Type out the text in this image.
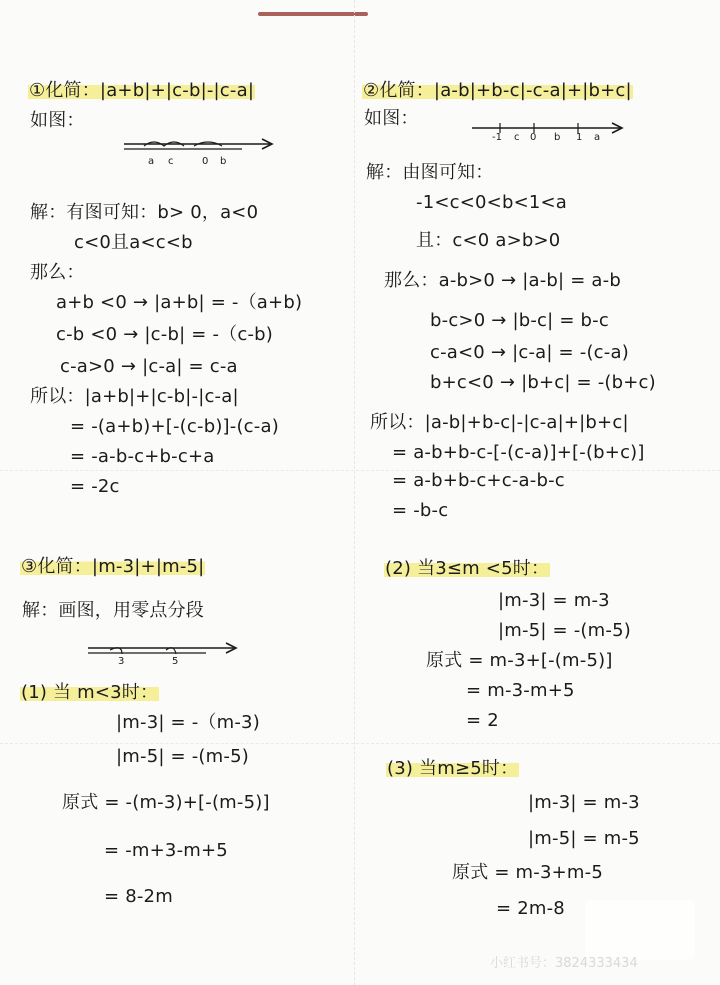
①化简：|a+b|+|c-b|-|c-a|
如图：
a c	0 b
解：有图可知：b> 0，a<0
c<0且a<c<b
那么：
a+b <0 → |a+b| = -（a+b)
c-b <0 → |c-b| = -（c-b)
c-a>0 → |c-a| = c-a
所以：|a+b|+|c-b|-|c-a|
= -(a+b)+[-(c-b)]-(c-a)
= -a-b-c+b-c+a
= -2c
②化简：|a-b|+b-c|-c-a|+|b+c|
如图：
-1 c 0 b 1 a
解：由图可知：
-1<c<0<b<1<a
且：c<0 a>b>0
那么：a-b>0 → |a-b| = a-b
b-c>0 → |b-c| = b-c
c-a<0 → |c-a| = -(c-a)
b+c<0 → |b+c| = -(b+c)
所以：|a-b|+b-c|-|c-a|+|b+c|
= a-b+b-c-[-(c-a)]+[-(b+c)]
= a-b+b-c+c-a-b-c
= -b-c
③化简：|m-3|+|m-5|
解：画图，用零点分段
3	5
(1) 当 m<3时：
|m-3| = -（m-3)
|m-5| = -(m-5)
原式 = -(m-3)+[-(m-5)]
= -m+3-m+5
= 8-2m
(2) 当3≤m <5时：
|m-3| = m-3
|m-5| = -(m-5)
原式 = m-3+[-(m-5)]
= m-3-m+5
= 2
(3) 当m≥5时：
|m-3| = m-3
|m-5| = m-5
原式 = m-3+m-5
= 2m-8
小红书号：3824333434
